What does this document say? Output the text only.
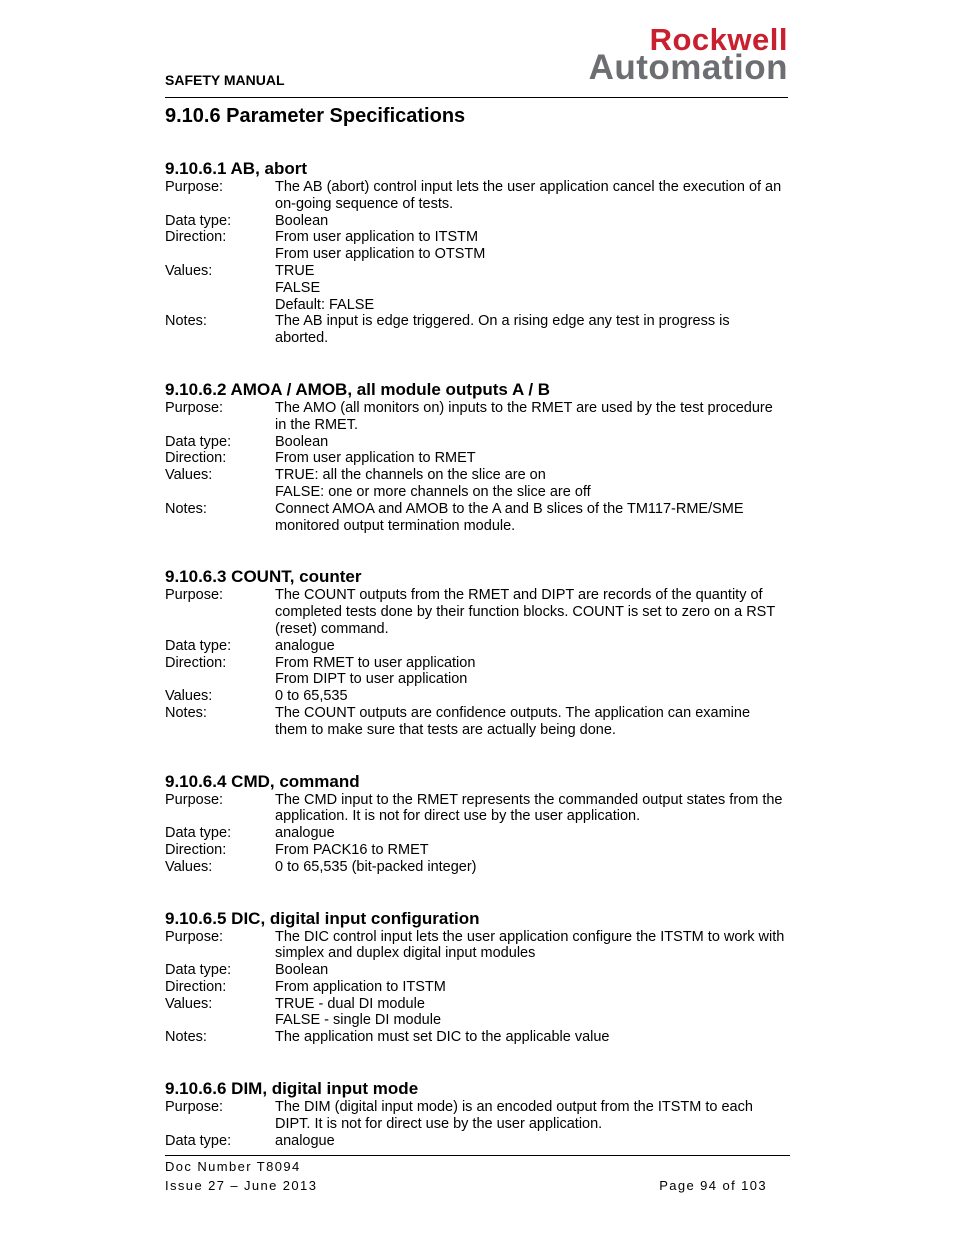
SAFETY MANUAL
Rockwell
Automation
9.10.6 Parameter Specifications
9.10.6.1 AB, abort
Purpose:	The AB (abort) control input lets the user application cancel the execution of an
on-going sequence of tests.
Data type:	Boolean
Direction:	From user application to ITSTM
From user application to OTSTM
Values:	TRUE
FALSE
Default: FALSE
Notes:	The AB input is edge triggered. On a rising edge any test in progress is
aborted.
9.10.6.2 AMOA / AMOB, all module outputs A / B
Purpose:	The AMO (all monitors on) inputs to the RMET are used by the test procedure
in the RMET.
Data type:	Boolean
Direction:	From user application to RMET
Values:	TRUE: all the channels on the slice are on
FALSE: one or more channels on the slice are off
Notes:	Connect AMOA and AMOB to the A and B slices of the TM117-RME/SME
monitored output termination module.
9.10.6.3 COUNT, counter
Purpose:	The COUNT outputs from the RMET and DIPT are records of the quantity of
completed tests done by their function blocks. COUNT is set to zero on a RST
(reset) command.
Data type:	analogue
Direction:	From RMET to user application
From DIPT to user application
Values:	0 to 65,535
Notes:	The COUNT outputs are confidence outputs. The application can examine
them to make sure that tests are actually being done.
9.10.6.4 CMD, command
Purpose:	The CMD input to the RMET represents the commanded output states from the
application. It is not for direct use by the user application.
Data type:	analogue
Direction:	From PACK16 to RMET
Values:	0 to 65,535 (bit-packed integer)
9.10.6.5 DIC, digital input configuration
Purpose:	The DIC control input lets the user application configure the ITSTM to work with
simplex and duplex digital input modules
Data type:	Boolean
Direction:	From application to ITSTM
Values:	TRUE - dual DI module
FALSE - single DI module
Notes:	The application must set DIC to the applicable value
9.10.6.6 DIM, digital input mode
Purpose:	The DIM (digital input mode) is an encoded output from the ITSTM to each
DIPT. It is not for direct use by the user application.
Data type:	analogue
Doc Number T8094
Issue 27 – June 2013	Page 94 of 103
